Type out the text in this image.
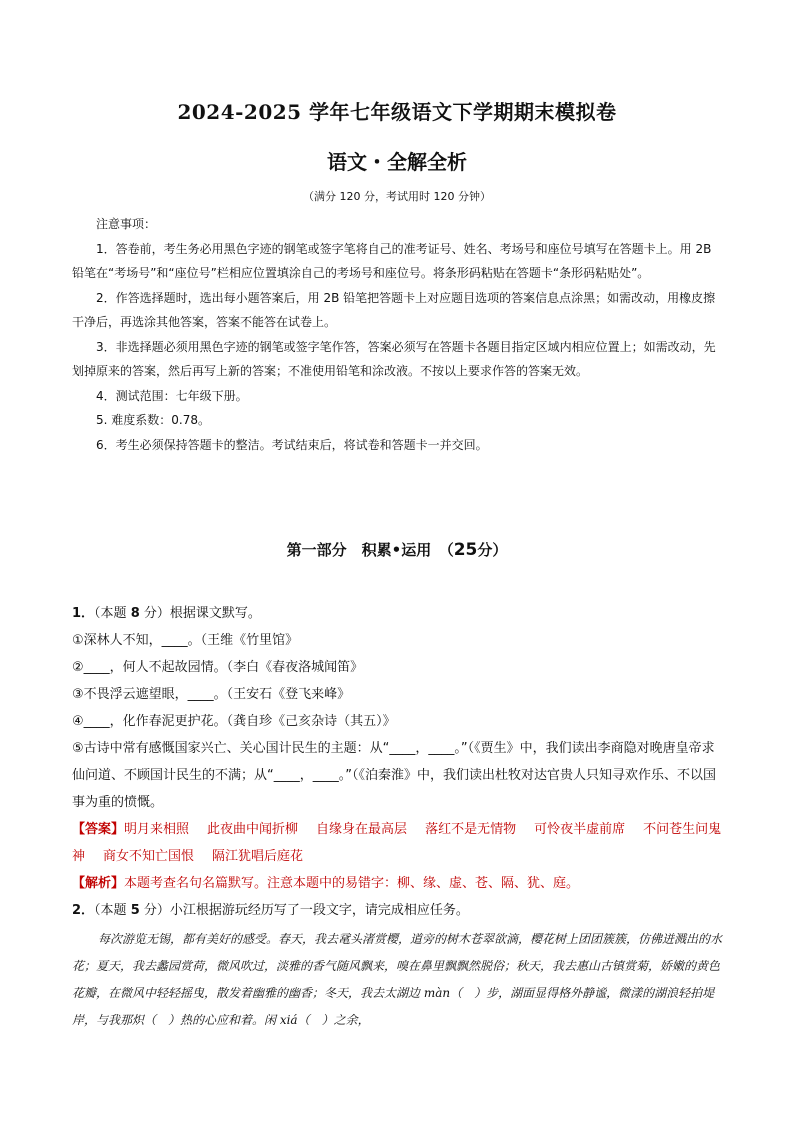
2024-2025 学年七年级语文下学期期末模拟卷
语文・全解全析
（满分 120 分，考试用时 120 分钟）
注意事项：

1．答卷前，考生务必用黑色字迹的钢笔或签字笔将自己的准考证号、姓名、考场号和座位号填写在答题卡上。用 2B 铅笔在“考场号”和“座位号”栏相应位置填涂自己的考场号和座位号。将条形码粘贴在答题卡“条形码粘贴处”。

2．作答选择题时，选出每小题答案后，用 2B 铅笔把答题卡上对应题目选项的答案信息点涂黑；如需改动，用橡皮擦干净后，再选涂其他答案，答案不能答在试卷上。

3．非选择题必须用黑色字迹的钢笔或签字笔作答，答案必须写在答题卡各题目指定区域内相应位置上；如需改动，先划掉原来的答案，然后再写上新的答案；不准使用铅笔和涂改液。不按以上要求作答的答案无效。

4．测试范围：七年级下册。

5. 难度系数：0.78。

6．考生必须保持答题卡的整洁。考试结束后，将试卷和答题卡一并交回。

第一部分　积累•运用　（25分）

1．（本题 8 分）根据课文默写。

①深林人不知，____。（王维《竹里馆》

②____，何人不起故园情。（李白《春夜洛城闻笛》

③不畏浮云遮望眼，____。（王安石《登飞来峰》

④____，化作春泥更护花。（龚自珍《己亥杂诗（其五）》

⑤古诗中常有感慨国家兴亡、关心国计民生的主题：从“____，____。”（《贾生》中，我们读出李商隐对晚唐皇帝求仙问道、不顾国计民生的不满；从“____，____。”（《泊秦淮》中，我们读出杜牧对达官贵人只知寻欢作乐、不以国事为重的愤慨。

【答案】明月来相照 此夜曲中闻折柳 自缘身在最高层 落红不是无情物 可怜夜半虚前席 不问苍生问鬼神 商女不知亡国恨 隔江犹唱后庭花

【解析】本题考查名句名篇默写。注意本题中的易错字：柳、缘、虚、苍、隔、犹、庭。

2．（本题 5 分）小江根据游玩经历写了一段文字，请完成相应任务。

每次游览无锡，都有美好的感受。春天，我去鼋头渚赏樱，道旁的树木苍翠欲滴，樱花树上团团簇簇，仿佛迸溅出的水花；夏天，我去蠡园赏荷，微风吹过，淡雅的香气随风飘来，嗅在鼻里飘飘然脱俗；秋天，我去惠山古镇赏菊，娇嫩的黄色花瓣，在微风中轻轻摇曳，散发着幽雅的幽香；冬天，我去太湖边 màn（　）步，湖面显得格外静谧，微漾的湖浪轻拍堤岸，与我那炽（　）热的心应和着。闲 xiá（　）之余，
